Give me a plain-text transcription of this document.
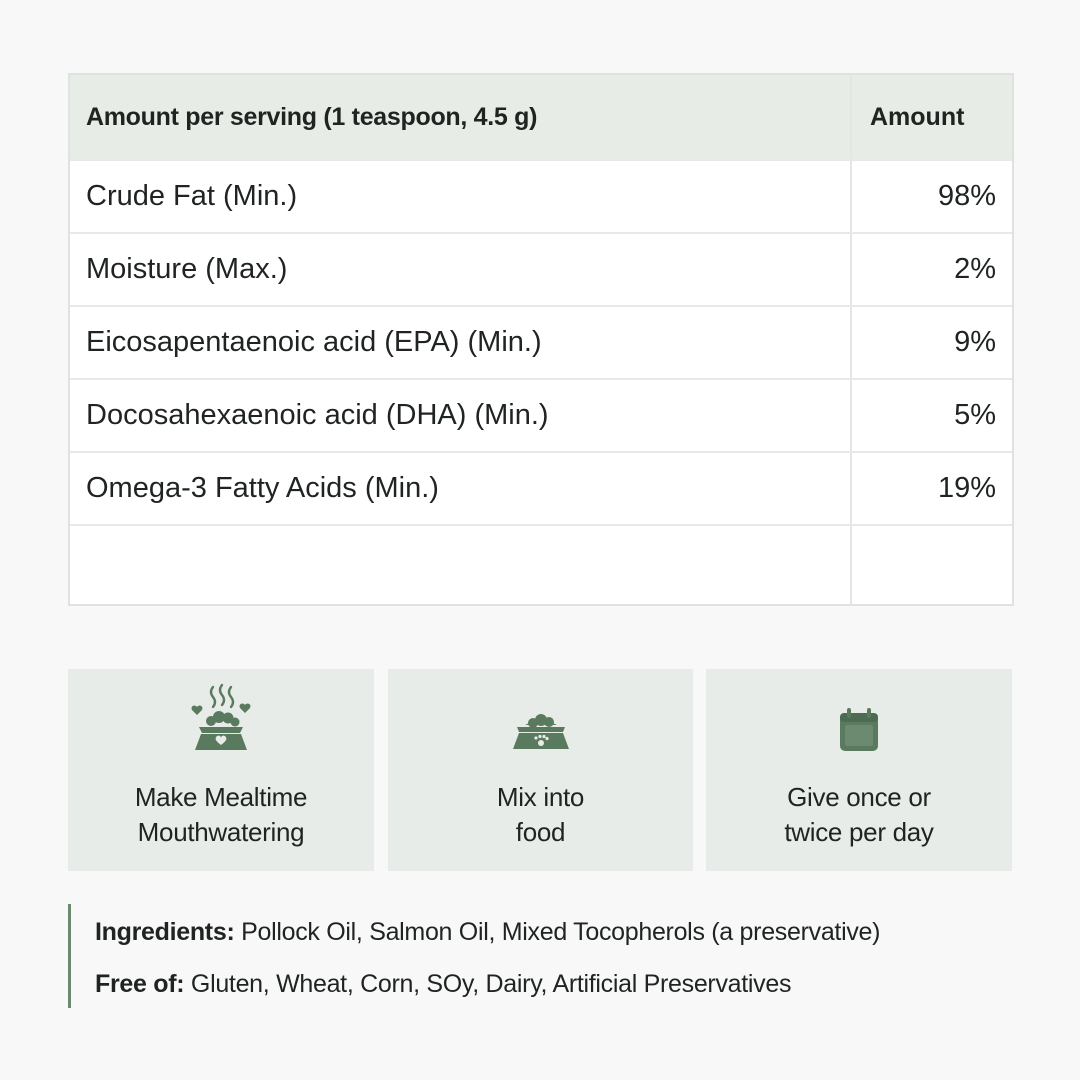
Amount per serving (1 teaspoon, 4.5 g)	Amount
Crude Fat (Min.)	98%
Moisture (Max.)	2%
Eicosapentaenoic acid (EPA) (Min.)	9%
Docosahexaenoic acid (DHA) (Min.)	5%
Omega-3 Fatty Acids (Min.)	19%
Make Mealtime
Mouthwatering
Mix into
food
Give once or
twice per day
Ingredients: Pollock Oil, Salmon Oil, Mixed Tocopherols (a preservative)
Free of: Gluten, Wheat, Corn, SOy, Dairy, Artificial Preservatives
